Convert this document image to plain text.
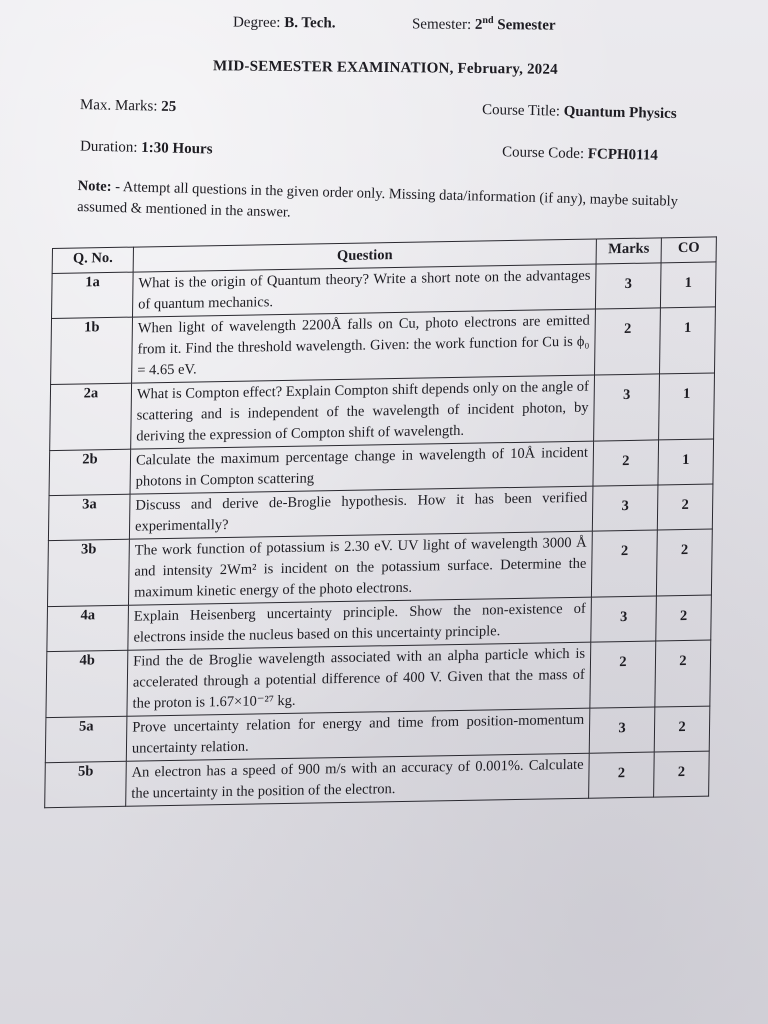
Degree: B. Tech.	Semester: 2nd Semester
MID-SEMESTER EXAMINATION, February, 2024
Max. Marks: 25	Course Title: Quantum Physics
Duration: 1:30 Hours	Course Code: FCPH0114
Note: - Attempt all questions in the given order only. Missing data/information (if any), maybe suitably assumed & mentioned in the answer.
Q. No.	Question	Marks	CO
1a	What is the origin of Quantum theory? Write a short note on the advantages of quantum mechanics.	3	1
1b	When light of wavelength 2200Å falls on Cu, photo electrons are emitted from it. Find the threshold wavelength. Given: the work function for Cu is ϕ₀ = 4.65 eV.	2	1
2a	What is Compton effect? Explain Compton shift depends only on the angle of scattering and is independent of the wavelength of incident photon, by deriving the expression of Compton shift of wavelength.	3	1
2b	Calculate the maximum percentage change in wavelength of 10Å incident photons in Compton scattering	2	1
3a	Discuss and derive de-Broglie hypothesis. How it has been verified experimentally?	3	2
3b	The work function of potassium is 2.30 eV. UV light of wavelength 3000 Å and intensity 2Wm² is incident on the potassium surface. Determine the maximum kinetic energy of the photo electrons.	2	2
4a	Explain Heisenberg uncertainty principle. Show the non-existence of electrons inside the nucleus based on this uncertainty principle.	3	2
4b	Find the de Broglie wavelength associated with an alpha particle which is accelerated through a potential difference of 400 V. Given that the mass of the proton is 1.67×10⁻²⁷ kg.	2	2
5a	Prove uncertainty relation for energy and time from position-momentum uncertainty relation.	3	2
5b	An electron has a speed of 900 m/s with an accuracy of 0.001%. Calculate the uncertainty in the position of the electron.	2	2
